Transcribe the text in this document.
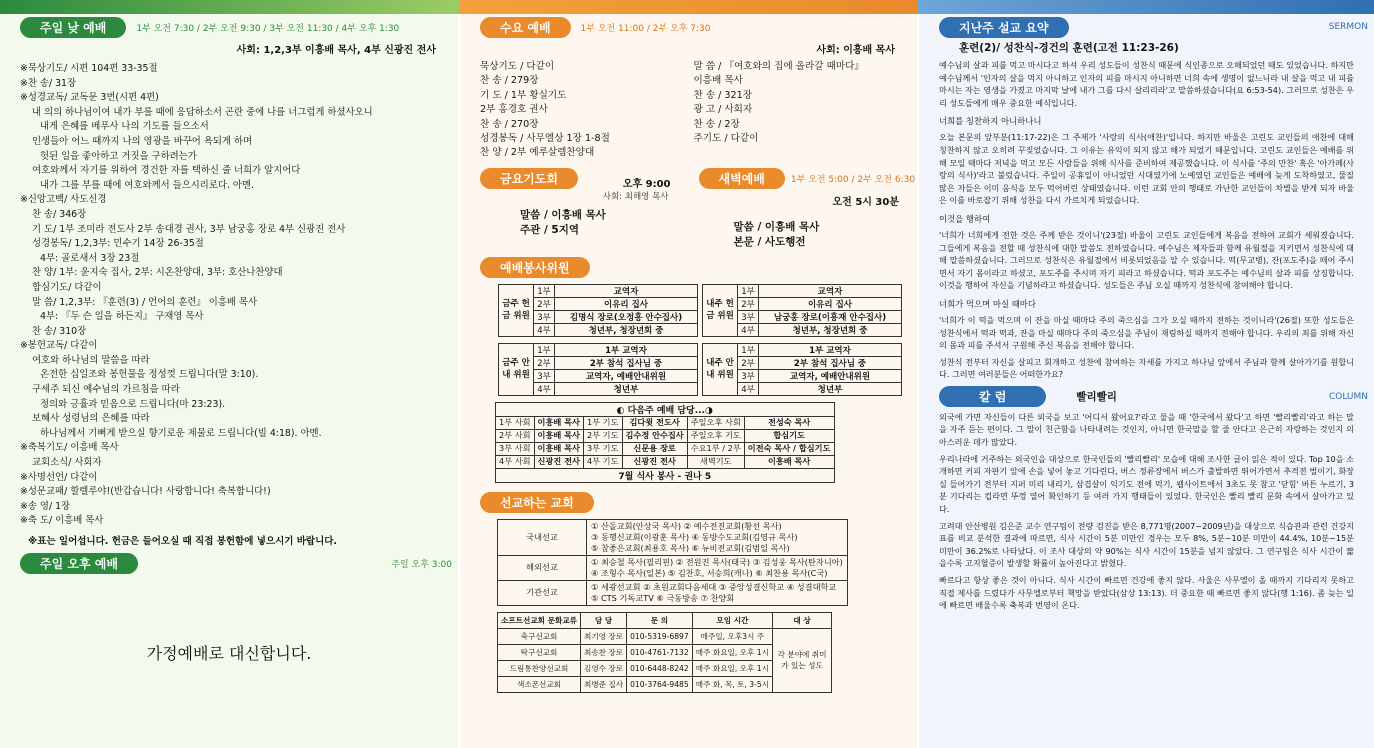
주일 낮 예배	1부 오전 7:30 / 2부 오전 9:30 / 3부 오전 11:30 / 4부 오후 1:30
사회: 1,2,3부 이흥배 목사, 4부 신광진 전사
※묵상기도/ 시편 104편 33-35절
※찬 송/ 31장
※성경교독/ 교독문 3번(시편 4편)
내 의의 하나님이여 내가 부를 때에 응답하소서 곤란 중에 나를 너그럽게 하셨사오니
내게 은혜를 베푸사 나의 기도를 들으소서
인생들아 어느 때까지 나의 영광을 바꾸어 욕되게 하며
헛된 일을 좋아하고 거짓을 구하려는가
여호와께서 자기를 위하여 경건한 자를 택하신 줄 너희가 알지어다
내가 그를 부를 때에 여호와께서 들으시리로다. 아멘.
※신앙고백/ 사도신경
찬 송/ 346장
기 도/ 1부 조미라 전도사 2부 송대경 권사, 3부 남궁홍 장로 4부 신광진 전사
성경봉독/ 1,2,3부: 민수기 14장 26-35절
4부: 골로새서 3장 23절
찬 양/ 1부: 윤지숙 집사, 2부: 시온찬양대, 3부: 호산나찬양대
합심기도/ 다같이
말 씀/ 1,2,3부: 『훈련(3) / 언어의 훈련』 이흥배 목사
4부: 『두 슨 일을 하든지』 구재영 목사
찬 송/ 310장
※봉헌교독/ 다같이
여호와 하나님의 말씀을 따라
온전한 십일조와 봉헌물을 정성껏 드립니다(말 3:10).
구세주 되신 예수님의 가르침을 따라
정의와 긍휼과 믿음으로 드립니다(마 23:23).
보혜사 성령님의 은혜를 따라
하나님께서 기뻐게 받으실 향기로운 제물로 드립니다(빌 4:18). 아멘.
※축복기도/ 이흥배 목사
교회소식/ 사회자
※사명선언/ 다같이
※성문교패/ 할렐루야!(반갑습니다! 사랑합니다! 축복합니다!)
※송 영/ 1장
※축 도/ 이흥배 목사
※표는 일어섭니다. 헌금은 들어오실 때 직접 봉헌함에 넣으시기 바랍니다.
주일 오후 예배	주일 오후 3:00
가정예배로 대신합니다.
수요 예배	1부 오전 11:00 / 2부 오후 7:30
사회: 이흥배 목사
묵상기도 / 다같이	말 씀 / 『여호와의 집에 올라갈 때마다』
찬 송 / 279장	이흥배 목사
기 도 / 1부 황실기도	찬 송 / 321장
2부 홍경호 권사	광 고 / 사회자
찬 송 / 270장	찬 송 / 2장
성경봉독 / 사무엘상 1장 1-8절	주기도 / 다같이
찬 양 / 2부 예루살렘찬양대
금요기도회	오후 9:00
사회: 최해영 목사
말씀 / 이흥배 목사
주관 / 5지역
새벽예배	1부 오전 5:00 / 2부 오전 6:30
오전 5시 30분
말씀 / 이흥배 목사
본문 / 사도행전
예배봉사위원
금주 헌금 위원	1부	교역자
	2부	이유리 집사
	3부	김명식 장로(오정흥 안수집사)
	4부	청년부, 청장년회 중
내주 헌금 위원	1부	교역자
	2부	이유리 집사
	3부	남궁홍 장로(이흥재 안수집사)
	4부	청년부, 청장년회 중
금주 안내 위원	1부	1부 교역자
	2부	2부 참석 집사님 중
	3부	교역자, 예배안내위원
	4부	청년부
내주 안내 위원	1부	1부 교역자
	2부	2부 참석 집사님 중
	3부	교역자, 예배안내위원
	4부	청년부
◐ 다음주 예배 담당...◑					
1부 사회	이흥배 목사	1부 기도	김다윗 전도사	주일오후 사회	전성숙 목사
2부 사회	이흥배 목사	2부 기도	김수정 안수집사	주일오후 기도	합심기도
3부 사회	이흥배 목사	3부 기도	신문용 장로	수요1부 / 2부	이전숙 목사 / 합심기도
4부 사회	신광진 전사	4부 기도	신광진 전사	새벽기도	이흥배 목사
7월 식사 봉사 - 권나 5					
선교하는 교회
국내선교	① 산돌교회(안상국 목사) ② 예수전진교회(황선 목사)
③ 동행신교회(이광훈 목사) ④ 동방수도교회(김영규 목사)
⑤ 참좋은교회(최용호 목사) ⑥ 뉴비전교회(김범일 목사)

해외선교	① 최승철 목사(필리핀) ② 전원진 목사(태국) ③ 김성웅 목사(탄자니아)
④ 조형수 목사(일본) ⑤ 김찬호, 서승희(캐나) ⑥ 최찬용 목사(C국)

기관선교	① 세광선교회 ② 초원교회다음세대 ③ 중앙성결신학교 ④ 성결대학교
⑤ CTS 기독교TV ⑥ 극동방송 ⑦ 찬양회
소프트선교회 문화교류	담 당	문 의	모임 시간	대 상
축구선교회	최기영 장로	010-5319-6897	매주일, 오후3시 주	각 분야에 취미가 있는 성도
탁구선교회	최송찬 장로	010-4761-7132	매주 화요일, 오후 1시	
드림통찬양선교회	김영수 장로	010-6448-8242	매주 화요일, 오후 1시	
색소폰선교회	최병준 집사	010-3764-9485	매주 화, 목, 토, 3-5시	
지난주 설교 요약	SERMON
훈련(2)/ 성찬식-경건의 훈련(고전 11:23-26)

예수님의 살과 피를 먹고 마시다고 하셔 우리 성도들이 성찬식 때문에 식인종으로 오해되었던 때도 있었습니다. 하지만 예수님께서 '인자의 살을 먹지 아니하고 인자의 피를 마시지 아니하면 너희 속에 생명이 없느니라 내 살을 먹고 내 피를 마시는 자는 영생을 가졌고 마지막 날에 내가 그를 다시 살리리라'고 말씀하셨습니다(요 6:53-54). 그러므로 성찬은 우리 성도들에게 매우 중요한 예식입니다.

너희를 칭찬하지 아니하나니

오늘 본문의 앞부분(11:17-22)은 그 주제가 '사랑의 식사(애찬)'입니다. 하지만 바울은 고린도 교인들의 애찬에 대해 칭찬하지 않고 오히려 꾸짖었습니다. 그 이유는 유익이 되지 않고 해가 되었기 때문입니다. 고린도 교인들은 예배를 위해 모일 때마다 저녁을 먹고 모든 사람들을 위해 식사를 준비하여 제공했습니다. 이 식사를 '주의 만찬' 혹은 '아가페(사랑의 식사)'라고 불렀습니다. 주일이 공휴일이 아니었던 시대였기에 노예였던 교인들은 예배에 늦게 도착하였고, 물질 많은 자들은 이미 음식을 모두 먹어버린 상태였습니다. 이런 교회 안의 행태로 가난한 교인들이 차별을 받게 되자 바울은 이를 바로잡기 위해 성찬을 다시 가르치게 되었습니다.

이것을 행하여

'너희가 너희에게 전한 것은 주께 받은 것이니'(23절) 바울이 고린도 교인들에게 복음을 전하여 교회가 세워졌습니다. 그들에게 복음을 전할 때 성찬식에 대한 말씀도 전하였습니다. 예수님은 제자들과 함께 유월절을 지키면서 성찬식에 대해 말씀하셨습니다. 그러므로 성찬식은 유월절에서 비롯되었음을 알 수 있습니다. 떡(무교병), 잔(포도주)을 떼어 주시면서 자기 몸이라고 하셨고, 포도주를 주시며 자기 피라고 하셨습니다. 떡과 포도주는 예수님의 살과 피를 상징합니다. 이것을 행하여 자신을 기념하라고 하셨습니다. 성도들은 주님 오실 때까지 성찬식에 참여해야 합니다.

너희가 먹으며 마실 때마다

'너희가 이 떡을 먹으며 이 잔을 마실 때마다 주의 죽으심을 그가 오실 때까지 전하는 것이니라'(26절) 또한 성도들은 성찬식에서 떡과 떡과, 잔을 마실 때마다 주의 죽으심을 주님이 재림하실 때까지 전해야 합니다. 우리의 죄를 위해 자신의 몸과 피를 주셔서 구원해 주신 복음을 전해야 합니다.

성찬식 전부터 자신을 살피고 회개하고 성찬에 참여하는 자세를 가지고 하나님 앞에서 주님과 함께 살아가기를 원합니다. 그러면 여러분들은 어떠한가요?

칼 럼	빨리빨리	COLUMN

외국에 가면 자신들이 다른 외국을 보고 '어디서 왔어요?'라고 물을 때 '한국에서 왔다'고 하면 '빨리빨리'라고 하는 말을 자주 듣는 편이다. 그 말이 친근함을 나타내려는 것인지, 아니면 한국말을 할 줄 안다고 은근히 자랑하는 것인지 의아스러운 데가 많았다.

우리나라에 거주하는 외국인을 대상으로 한국인들의 '빨리빨리' 모습에 대해 조사한 글이 읽은 적이 있다. Top 10을 소개하면 커피 자판기 앞에 손을 넣어 놓고 기다린다, 버스 정류장에서 버스가 출발하면 뛰어가면서 추격전 벌이기, 화장실 들어가기 전부터 지퍼 미리 내리기, 삼겹살이 익기도 전에 먹기, 웹사이트에서 3초도 못 참고 '닫힘' 버튼 누르기, 3분 기다리는 컵라면 뚜껑 열어 확인하기 등 여러 가지 행태들이 있었다. 한국인은 빨리 빨리 문화 속에서 살아가고 있다.

고려대 안산병원 김은준 교수 연구팀이 전량 검진을 받은 8,771명(2007~2009년)을 대상으로 식습관과 관련 건강지표를 비교 분석한 결과에 따르면, 식사 시간이 5분 미만인 경우는 모두 8%, 5분~10분 미만이 44.4%, 10분~15분 미만이 36.2%로 나타났다. 이 조사 대상의 약 90%는 식사 시간이 15분을 넘지 않았다. 그 연구팀은 식사 시간이 짧을수록 고지혈증이 발생할 확률이 높아진다고 밝혔다.

빠르다고 항상 좋은 것이 아니다. 식사 시간이 빠르면 건강에 좋지 않다. 사울은 사무엘이 올 때까지 기다리지 못하고 직접 제사를 드렸다가 사무엘로부터 책망을 받았다(삼상 13:13). 더 중요한 때 빠르면 좋지 않다(행 1:16). 좀 늦는 일에 빠르면 배울수록 축복과 번영이 온다.
